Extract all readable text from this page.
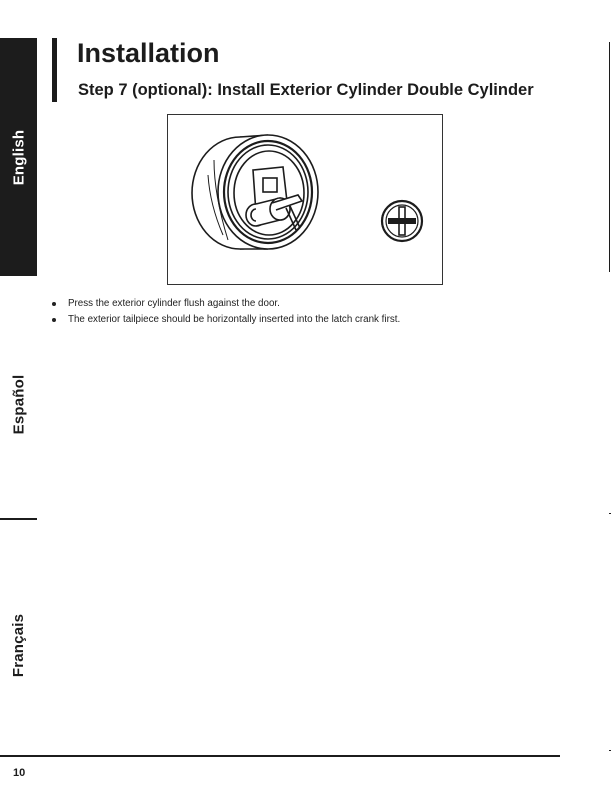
English
Español
Français
Installation
Step 7 (optional): Install Exterior Cylinder Double Cylinder
Press the exterior cylinder flush against the door.
The exterior tailpiece should be horizontally inserted into the latch crank first.
10
